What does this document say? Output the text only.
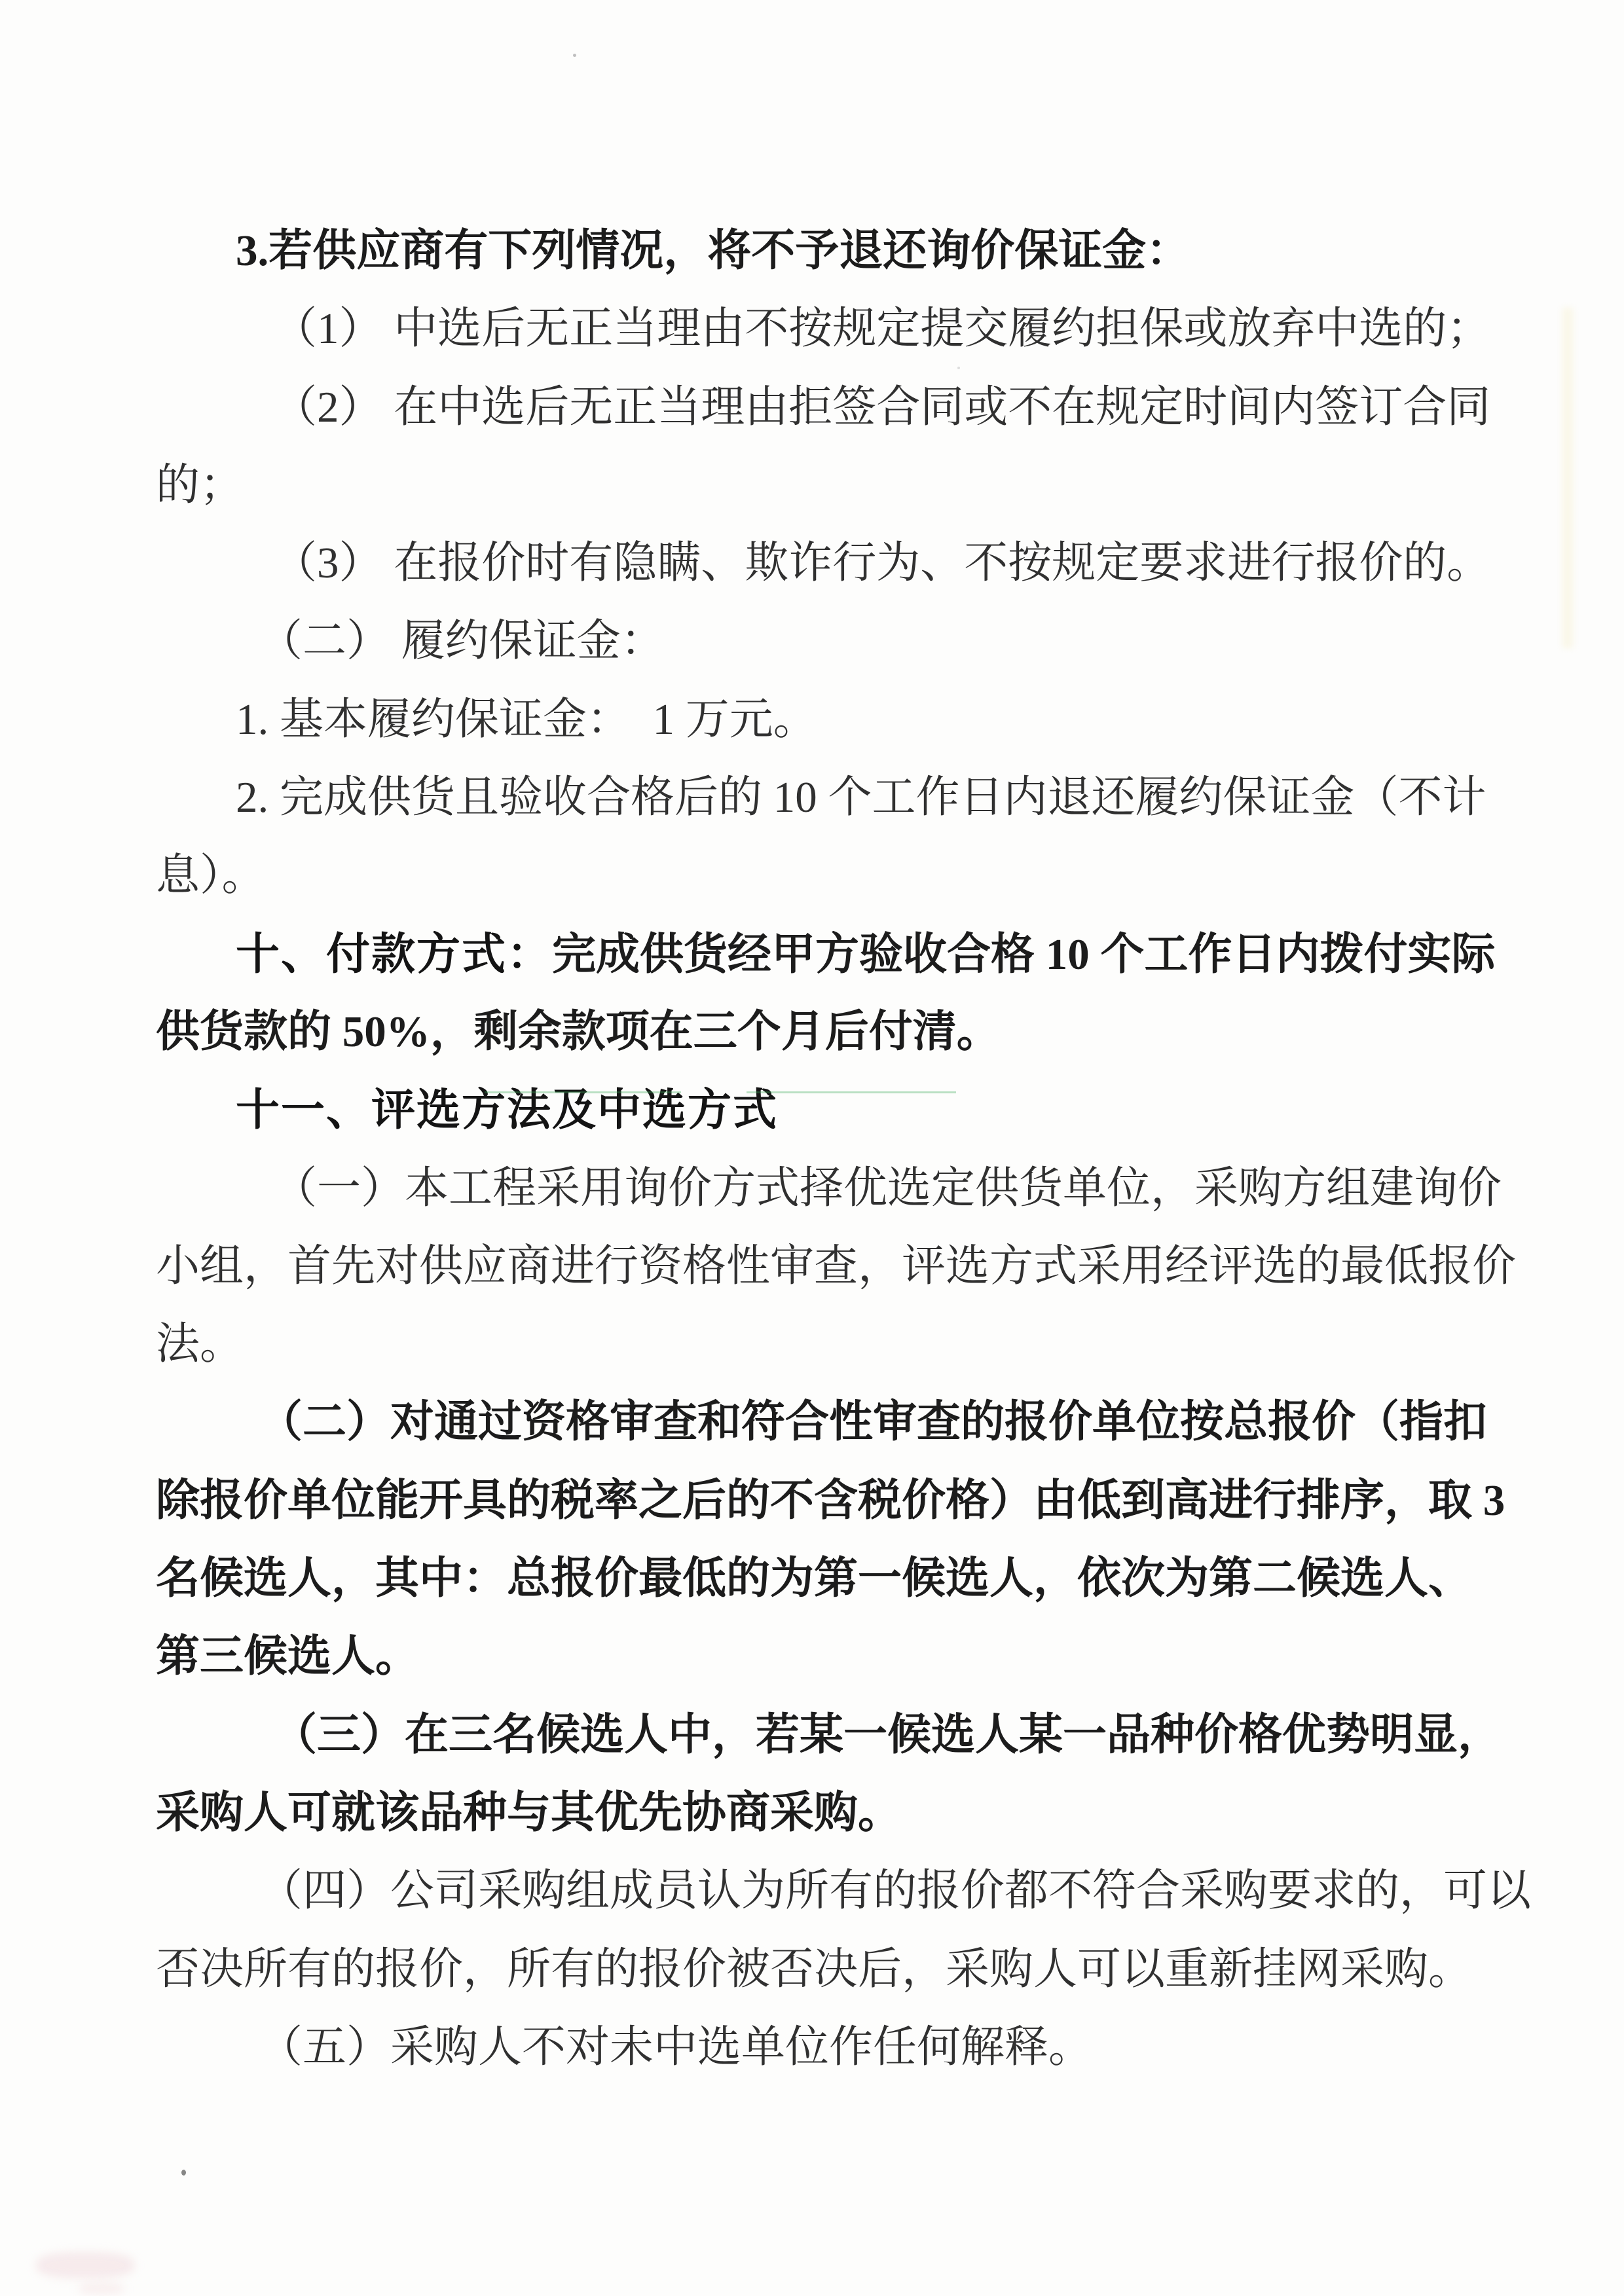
3.若供应商有下列情况，将不予退还询价保证金：
（1） 中选后无正当理由不按规定提交履约担保或放弃中选的；
（2） 在中选后无正当理由拒签合同或不在规定时间内签订合同
的；
（3） 在报价时有隐瞒、欺诈行为、不按规定要求进行报价的。
（二） 履约保证金：
1. 基本履约保证金：  1 万元。
2. 完成供货且验收合格后的 10 个工作日内退还履约保证金（不计
息）。
十、付款方式：完成供货经甲方验收合格 10 个工作日内拨付实际
供货款的 50%，剩余款项在三个月后付清。
十一、评选方法及中选方式
（一）本工程采用询价方式择优选定供货单位，采购方组建询价
小组，首先对供应商进行资格性审查，评选方式采用经评选的最低报价
法。
（二）对通过资格审查和符合性审查的报价单位按总报价（指扣
除报价单位能开具的税率之后的不含税价格）由低到高进行排序，取 3
名候选人，其中：总报价最低的为第一候选人，依次为第二候选人、
第三候选人。
（三）在三名候选人中，若某一候选人某一品种价格优势明显，
采购人可就该品种与其优先协商采购。
（四）公司采购组成员认为所有的报价都不符合采购要求的，可以
否决所有的报价，所有的报价被否决后，采购人可以重新挂网采购。
（五）采购人不对未中选单位作任何解释。
